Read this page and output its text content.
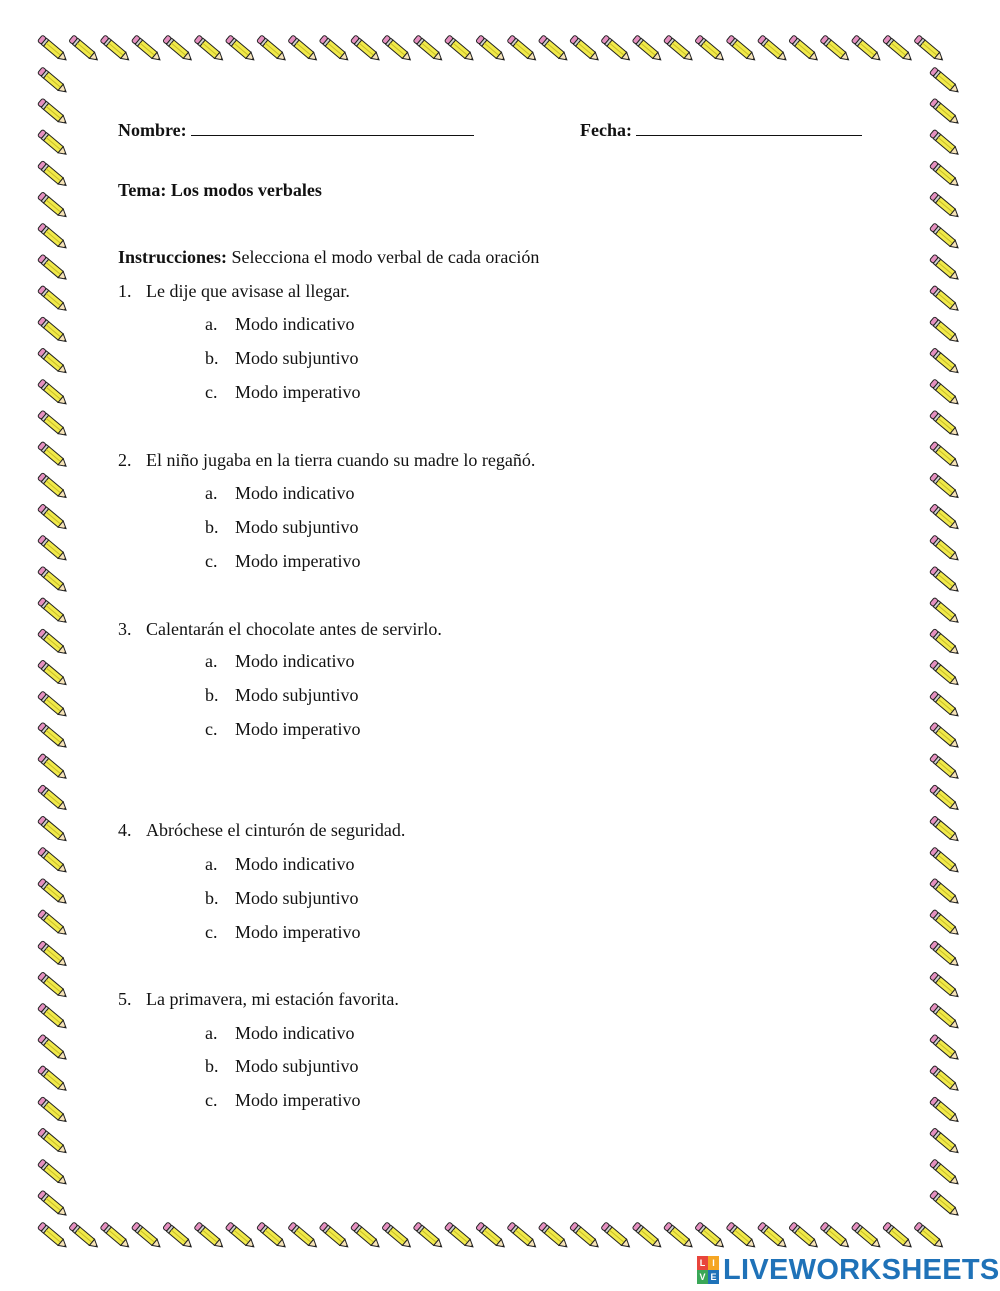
Nombre:	Fecha:
Tema: Los modos verbales
Instrucciones: Selecciona el modo verbal de cada oración
1. Le dije que avisase al llegar.
a. Modo indicativo
b. Modo subjuntivo
c. Modo imperativo
2. El niño jugaba en la tierra cuando su madre lo regañó.
a. Modo indicativo
b. Modo subjuntivo
c. Modo imperativo
3. Calentarán el chocolate antes de servirlo.
a. Modo indicativo
b. Modo subjuntivo
c. Modo imperativo
4. Abróchese el cinturón de seguridad.
a. Modo indicativo
b. Modo subjuntivo
c. Modo imperativo
5. La primavera, mi estación favorita.
a. Modo indicativo
b. Modo subjuntivo
c. Modo imperativo
L I
V E LIVEWORKSHEETS
